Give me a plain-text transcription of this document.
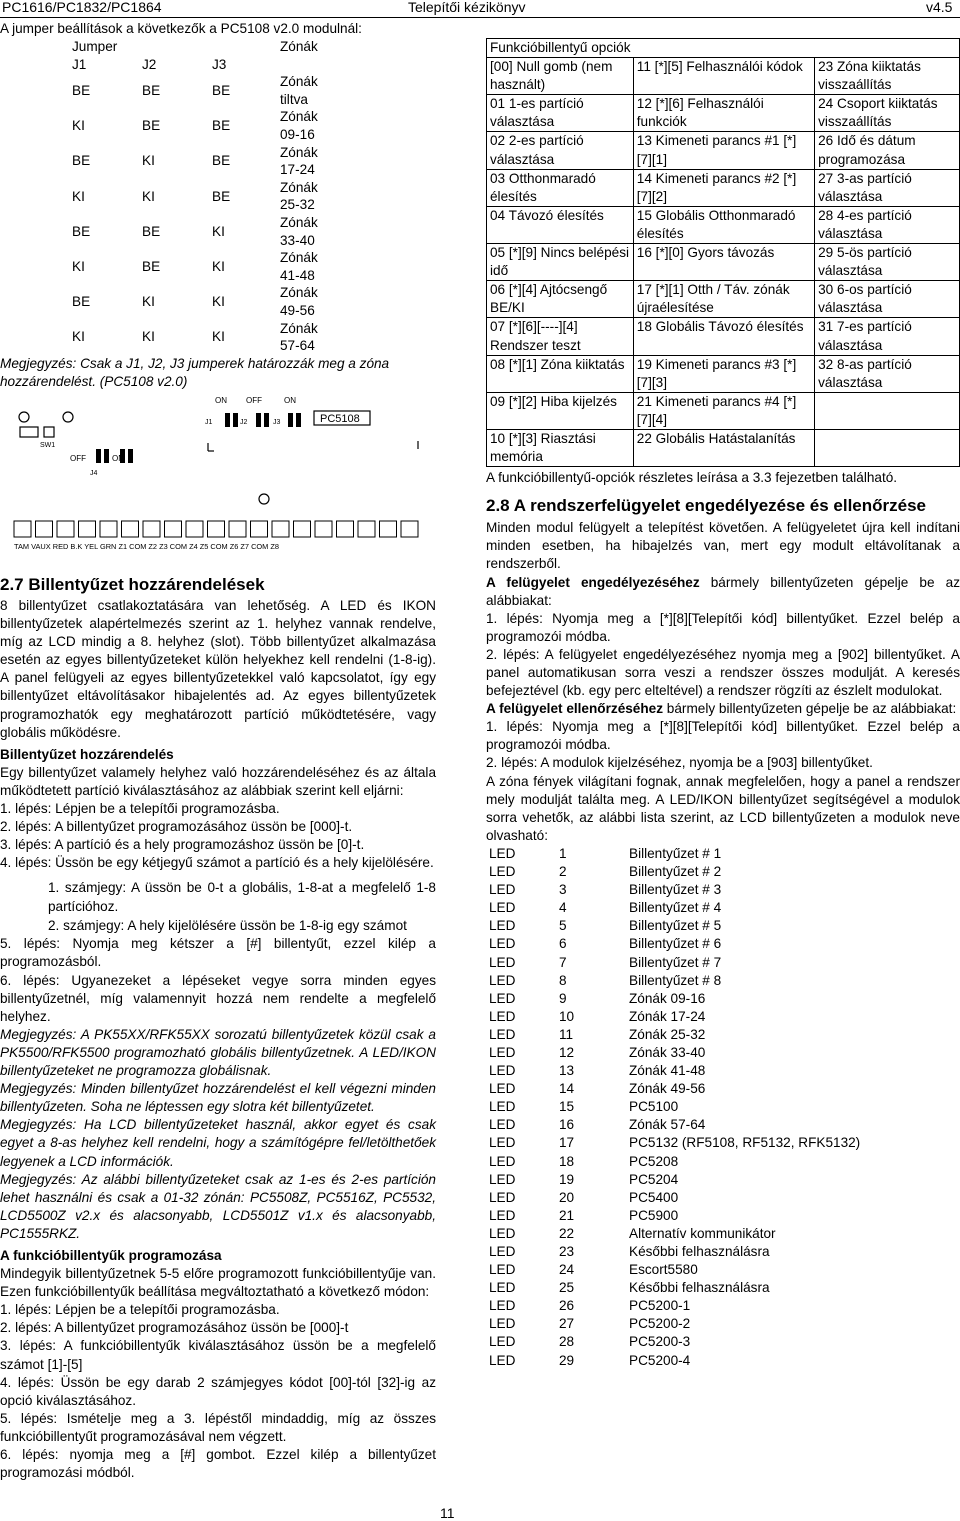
PC1616/PC1832/PC1864	Telepítői kézikönyv	v4.5

A jumper beállítások a következők a PC5108 v2.0 modulnál:

Jumper			Zónák
J1	J2	J3	
BE	BE	BE	Zónák tiltva
KI	BE	BE	Zónák 09-16
BE	KI	BE	Zónák 17-24
KI	KI	BE	Zónák 25-32
BE	BE	KI	Zónák 33-40
KI	BE	KI	Zónák 41-48
BE	KI	KI	Zónák 49-56
KI	KI	KI	Zónák 57-64

Megjegyzés: Csak a J1, J2, J3 jumperek határozzák meg a zóna hozzárendelést. (PC5108 v2.0)

ON OFF	ON
PC5108
SW1
J1	J2	J3
J4
OFF	ON
TAM VAUX RED B.K YEL GRN Z1 COM Z2 Z3 COM Z4 Z5 COM Z6 Z7 COM Z8
2.7 Billentyűzet hozzárendelések

8 billentyűzet csatlakoztatására van lehetőség. A LED és IKON billentyűzetek alapértelmezés szerint az 1. helyhez vannak rendelve, míg az LCD mindig a 8. helyhez (slot). Több billentyűzet alkalmazása esetén az egyes billentyűzeteket külön helyekhez kell rendelni (1-8-ig). A panel felügyeli az egyes billentyűzetekkel való kapcsolatot, így egy billentyűzet eltávolításakor hibajelentés ad. Az egyes billentyűzetek programozhatók egy meghatározott partíció működtetésére, vagy globális működésre.

Billentyűzet hozzárendelés

Egy billentyűzet valamely helyhez való hozzárendeléséhez és az általa működtetett partíció kiválasztásához az alábbiak szerint kell eljárni:

1. lépés: Lépjen be a telepítői programozásba.

2. lépés: A billentyűzet programozásához üssön be [000]-t.

3. lépés: A partíció és a hely programozáshoz üssön be [0]-t.

4. lépés: Üssön be egy kétjegyű számot a partíció és a hely kijelölésére.

1. számjegy: A üssön be 0-t a globális, 1-8-at a megfelelő 1-8 partícióhoz.

2. számjegy: A hely kijelölésére üssön be 1-8-ig egy számot

5. lépés: Nyomja meg kétszer a [#] billentyűt, ezzel kilép a programozásból.

6. lépés: Ugyanezeket a lépéseket vegye sorra minden egyes billentyűzetnél, míg valamennyit hozzá nem rendelte a megfelelő helyhez.

Megjegyzés: A PK55XX/RFK55XX sorozatú billentyűzetek közül csak a PK5500/RFK5500 programozható globális billentyűzetnek. A LED/IKON billentyűzeteket ne programozza globálisnak.

Megjegyzés: Minden billentyűzet hozzárendelést el kell végezni minden billentyűzeten. Soha ne léptessen egy slotra két billentyűzetet.

Megjegyzés: Ha LCD billentyűzeteket használ, akkor egyet és csak egyet a 8-as helyhez kell rendelni, hogy a számítógépre fel/letölthetőek legyenek a LCD információk.

Megjegyzés: Az alábbi billentyűzeteket csak az 1-es és 2-es partíción lehet használni és csak a 01-32 zónán: PC5508Z, PC5516Z, PC5532, LCD5500Z v2.x és alacsonyabb, LCD5501Z v1.x és alacsonyabb, PC1555RKZ.

A funkcióbillentyűk programozása

Mindegyik billentyűzetnek 5-5 előre programozott funkcióbillentyűje van. Ezen funkcióbillentyűk beállítása megváltoztatható a következő módon:

1. lépés: Lépjen be a telepítői programozásba.

2. lépés: A billentyűzet programozásához üssön be [000]-t

3. lépés: A funkcióbillentyűk kiválasztásához üssön be a megfelelő számot [1]-[5]

4. lépés: Üssön be egy darab 2 számjegyes kódot [00]-tól [32]-ig az opció kiválasztásához.

5. lépés: Ismételje meg a 3. lépéstől mindaddig, míg az összes funkcióbillentyűt programozásával nem végzett.

6. lépés: nyomja meg a [#] gombot. Ezzel kilép a billentyűzet programozási módból.

Funkcióbillentyű opciók		
[00] Null gomb (nem használt)	11 [*][5] Felhasználói kódok	23 Zóna kiiktatás visszaállítás
01 1-es partíció választása	12 [*][6] Felhasználói funkciók	24 Csoport kiiktatás visszaállítás
02 2-es partíció választása	13 Kimeneti parancs #1 [*][7][1]	26 Idő és dátum programozása
03 Otthonmaradó élesítés	14 Kimeneti parancs #2 [*][7][2]	27 3-as partíció választása
04 Távozó élesítés	15 Globális Otthonmaradó élesítés	28 4-es partíció választása
05 [*][9] Nincs belépési idő	16 [*][0] Gyors távozás	29 5-ös partíció választása
06 [*][4] Ajtócsengő BE/KI	17 [*][1] Otth / Táv. zónák újraélesítése	30 6-os partíció választása
07 [*][6][----][4] Rendszer teszt	18 Globális Távozó élesítés	31 7-es partíció választása
08 [*][1] Zóna kiiktatás	19 Kimeneti parancs #3 [*][7][3]	32 8-as partíció választása
09 [*][2] Hiba kijelzés	21 Kimeneti parancs #4 [*][7][4]	
10 [*][3] Riasztási memória	22 Globális Hatástalanítás	

A funkcióbillentyű-opciók részletes leírása a 3.3 fejezetben található.

2.8 A rendszerfelügyelet engedélyezése és ellenőrzése

Minden modul felügyelt a telepítést követően. A felügyeletet újra kell indítani minden esetben, ha hibajelzés van, mert egy modult eltávolítanak a rendszerből.

A felügyelet engedélyezéséhez bármely billentyűzeten gépelje be az alábbiakat:

1. lépés: Nyomja meg a [*][8][Telepítői kód] billentyűket. Ezzel belép a programozói módba.

2. lépés: A felügyelet engedélyezéséhez nyomja meg a [902] billentyűket. A panel automatikusan sorra veszi a rendszer összes modulját. A keresés befejeztével (kb. egy perc elteltével) a rendszer rögzíti az észlelt modulokat.

A felügyelet ellenőrzéséhez bármely billentyűzeten gépelje be az alábbiakat:

1. lépés: Nyomja meg a [*][8][Telepítői kód] billentyűket. Ezzel belép a programozói módba.

2. lépés: A modulok kijelzéséhez, nyomja be a [903] billentyűket.

A zóna fények világítani fognak, annak megfelelően, hogy a panel a rendszer mely modulját találta meg. A LED/IKON billentyűzet segítségével a modulok sorra vehetők, az alábbi lista szerint, az LCD billentyűzeten a modulok neve olvasható:

LED	1	Billentyűzet # 1
LED	2	Billentyűzet # 2
LED	3	Billentyűzet # 3
LED	4	Billentyűzet # 4
LED	5	Billentyűzet # 5
LED	6	Billentyűzet # 6
LED	7	Billentyűzet # 7
LED	8	Billentyűzet # 8
LED	9	Zónák 09-16
LED	10	Zónák 17-24
LED	11	Zónák 25-32
LED	12	Zónák 33-40
LED	13	Zónák 41-48
LED	14	Zónák 49-56
LED	15	PC5100
LED	16	Zónák 57-64
LED	17	PC5132 (RF5108, RF5132, RFK5132)
LED	18	PC5208
LED	19	PC5204
LED	20	PC5400
LED	21	PC5900
LED	22	Alternatív kommunikátor
LED	23	Későbbi felhasználásra
LED	24	Escort5580
LED	25	Későbbi felhasználásra
LED	26	PC5200-1
LED	27	PC5200-2
LED	28	PC5200-3
LED	29	PC5200-4
11
